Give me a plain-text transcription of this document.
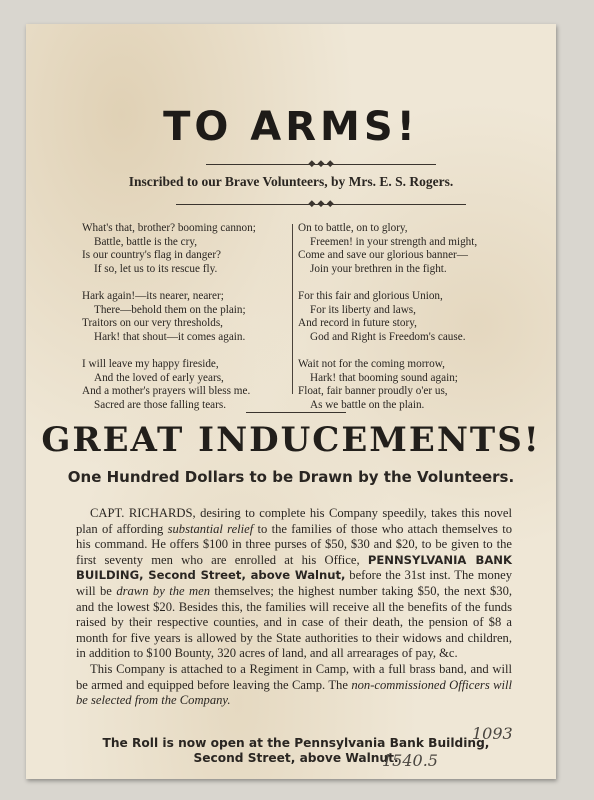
TO ARMS!
◆ ◆ ◆
Inscribed to our Brave Volunteers, by Mrs. E. S. Rogers.
◆ ◆ ◆
What's that, brother? booming cannon;
Battle, battle is the cry,
Is our country's flag in danger?
If so, let us to its rescue fly.
Hark again!—its nearer, nearer;
There—behold them on the plain;
Traitors on our very thresholds,
Hark! that shout—it comes again.
I will leave my happy fireside,
And the loved of early years,
And a mother's prayers will bless me.
Sacred are those falling tears.
On to battle, on to glory,
Freemen! in your strength and might,
Come and save our glorious banner—
Join your brethren in the fight.
For this fair and glorious Union,
For its liberty and laws,
And record in future story,
God and Right is Freedom's cause.
Wait not for the coming morrow,
Hark! that booming sound again;
Float, fair banner proudly o'er us,
As we battle on the plain.
GREAT INDUCEMENTS!
One Hundred Dollars to be Drawn by the Volunteers.

CAPT. RICHARDS, desiring to complete his Company speedily, takes this novel plan of affording substantial relief to the families of those who attach themselves to his command. He offers $100 in three purses of $50, $30 and $20, to be given to the first seventy men who are enrolled at his Office, PENNSYLVANIA BANK BUILDING, Second Street, above Walnut, before the 31st inst. The money will be drawn by the men themselves; the highest number taking $50, the next $30, and the lowest $20. Besides this, the families will receive all the benefits of the funds raised by their respective counties, and in case of their death, the pension of $8 a month for five years is allowed by the State authorities to their widows and children, in addition to $100 Bounty, 320 acres of land, and all arrearages of pay, &c.

This Company is attached to a Regiment in Camp, with a full brass band, and will be armed and equipped before leaving the Camp. The non-commissioned Officers will be selected from the Company.

The Roll is now open at the Pennsylvania Bank Building, Second Street, above Walnut.
1093
1540.5
